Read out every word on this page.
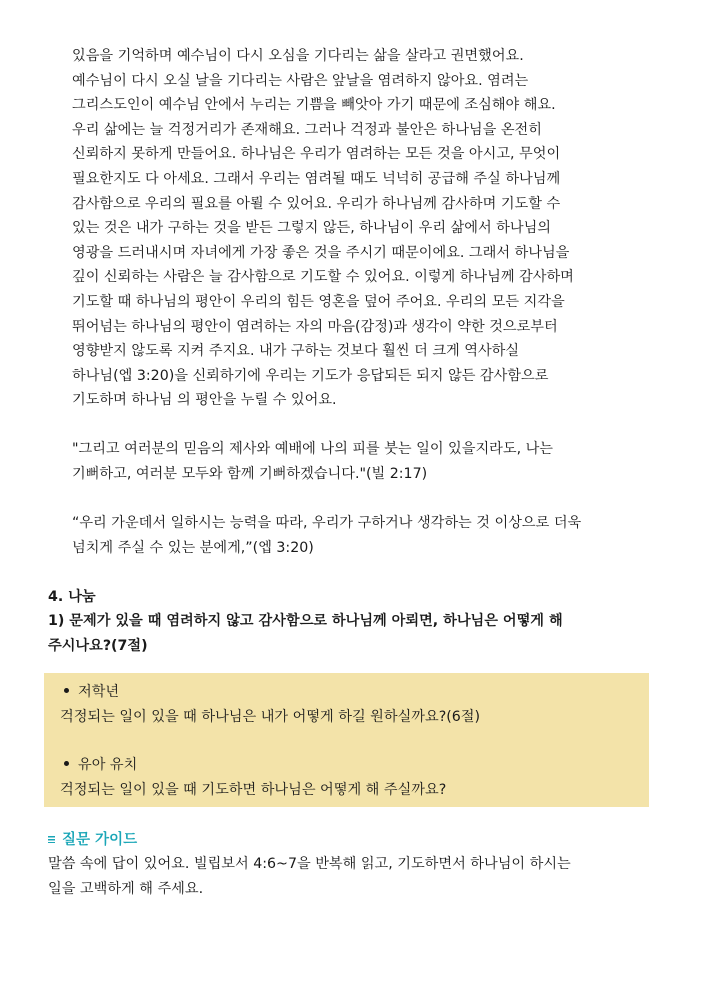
있음을 기억하며 예수님이 다시 오심을 기다리는 삶을 살라고 권면했어요.
예수님이 다시 오실 날을 기다리는 사람은 앞날을 염려하지 않아요. 염려는
그리스도인이 예수님 안에서 누리는 기쁨을 빼앗아 가기 때문에 조심해야 해요.
우리 삶에는 늘 걱정거리가 존재해요. 그러나 걱정과 불안은 하나님을 온전히
신뢰하지 못하게 만들어요. 하나님은 우리가 염려하는 모든 것을 아시고, 무엇이
필요한지도 다 아세요. 그래서 우리는 염려될 때도 넉넉히 공급해 주실 하나님께
감사함으로 우리의 필요를 아뢸 수 있어요. 우리가 하나님께 감사하며 기도할 수
있는 것은 내가 구하는 것을 받든 그렇지 않든, 하나님이 우리 삶에서 하나님의
영광을 드러내시며 자녀에게 가장 좋은 것을 주시기 때문이에요. 그래서 하나님을
깊이 신뢰하는 사람은 늘 감사함으로 기도할 수 있어요. 이렇게 하나님께 감사하며
기도할 때 하나님의 평안이 우리의 힘든 영혼을 덮어 주어요. 우리의 모든 지각을
뛰어넘는 하나님의 평안이 염려하는 자의 마음(감정)과 생각이 약한 것으로부터
영향받지 않도록 지켜 주지요. 내가 구하는 것보다 훨씬 더 크게 역사하실
하나님(엡 3:20)을 신뢰하기에 우리는 기도가 응답되든 되지 않든 감사함으로
기도하며 하나님 의 평안을 누릴 수 있어요.

"그리고 여러분의 믿음의 제사와 예배에 나의 피를 붓는 일이 있을지라도, 나는
기뻐하고, 여러분 모두와 함께 기뻐하겠습니다."(빌 2:17)

“우리 가운데서 일하시는 능력을 따라, 우리가 구하거나 생각하는 것 이상으로 더욱
넘치게 주실 수 있는 분에게,”(엡 3:20)

4. 나눔

1) 문제가 있을 때 염려하지 않고 감사함으로 하나님께 아뢰면, 하나님은 어떻게 해
주시나요?(7절)

저학년
걱정되는 일이 있을 때 하나님은 내가 어떻게 하길 원하실까요?(6절)
유아 유치
걱정되는 일이 있을 때 기도하면 하나님은 어떻게 해 주실까요?
질문 가이드

말씀 속에 답이 있어요. 빌립보서 4:6~7을 반복해 읽고, 기도하면서 하나님이 하시는
일을 고백하게 해 주세요.
